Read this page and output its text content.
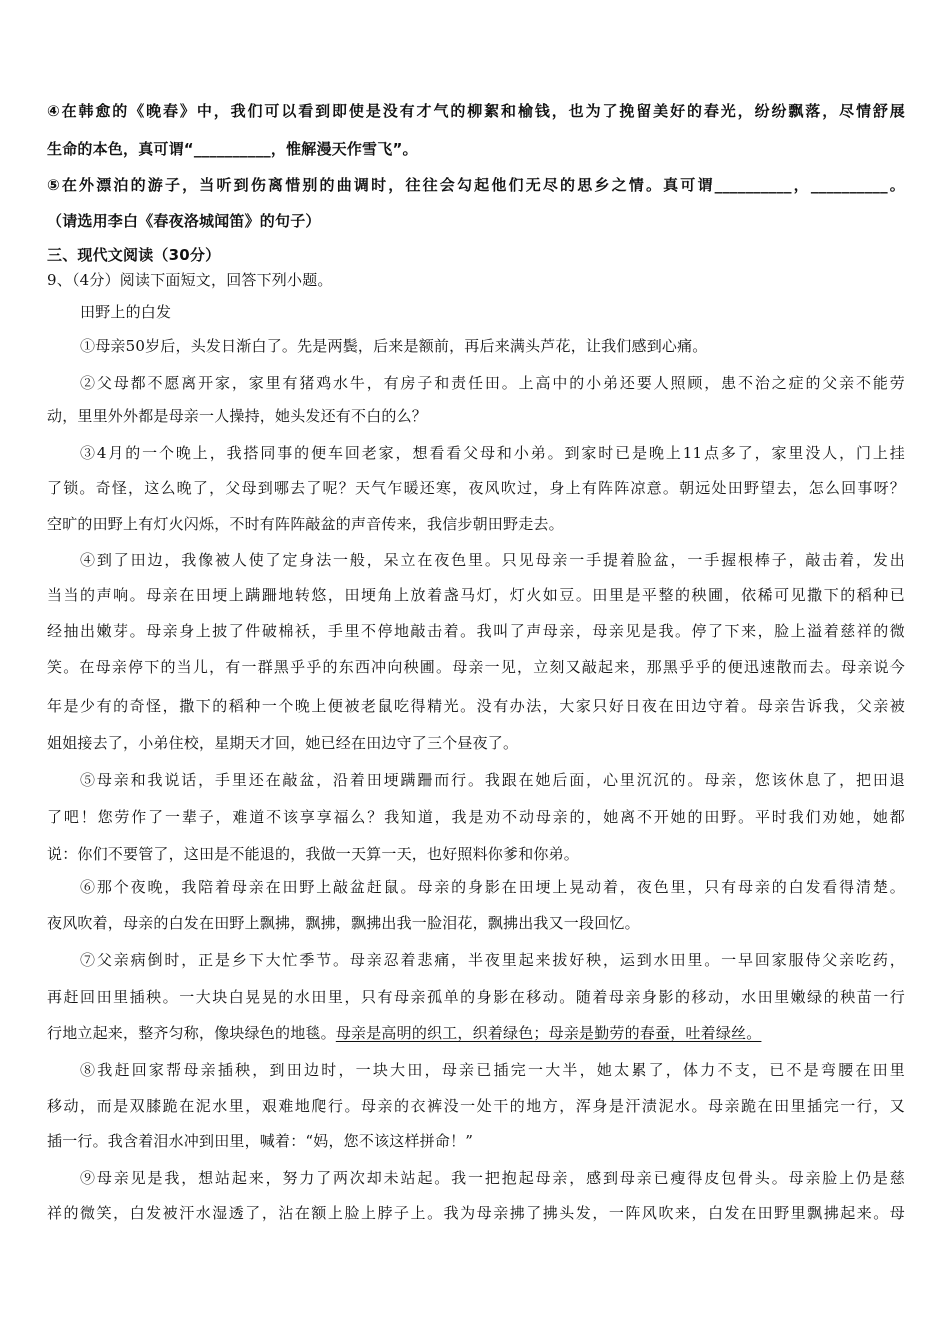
④在韩愈的《晚春》中，我们可以看到即使是没有才气的柳絮和榆钱，也为了挽留美好的春光，纷纷飘落，尽情舒展
生命的本色，真可谓“__________，惟解漫天作雪飞”。
⑤在外漂泊的游子，当听到伤离惜别的曲调时，往往会勾起他们无尽的思乡之情。真可谓__________，__________。
（请选用李白《春夜洛城闻笛》的句子）
三、现代文阅读（30分）
9、（4分）阅读下面短文，回答下列小题。
田野上的白发
①母亲50岁后，头发日渐白了。先是两鬓，后来是额前，再后来满头芦花，让我们感到心痛。
②父母都不愿离开家，家里有猪鸡水牛，有房子和责任田。上高中的小弟还要人照顾，患不治之症的父亲不能劳
动，里里外外都是母亲一人操持，她头发还有不白的么？
③4月的一个晚上，我搭同事的便车回老家，想看看父母和小弟。到家时已是晚上11点多了，家里没人，门上挂
了锁。奇怪，这么晚了，父母到哪去了呢？天气乍暖还寒，夜风吹过，身上有阵阵凉意。朝远处田野望去，怎么回事呀？
空旷的田野上有灯火闪烁，不时有阵阵敲盆的声音传来，我信步朝田野走去。
④到了田边，我像被人使了定身法一般，呆立在夜色里。只见母亲一手提着脸盆，一手握根棒子，敲击着，发出
当当的声响。母亲在田埂上蹒跚地转悠，田埂角上放着盏马灯，灯火如豆。田里是平整的秧圃，依稀可见撒下的稻种已
经抽出嫩芽。母亲身上披了件破棉袄，手里不停地敲击着。我叫了声母亲，母亲见是我。停了下来，脸上溢着慈祥的微
笑。在母亲停下的当儿，有一群黑乎乎的东西冲向秧圃。母亲一见，立刻又敲起来，那黑乎乎的便迅速散而去。母亲说今
年是少有的奇怪，撒下的稻种一个晚上便被老鼠吃得精光。没有办法，大家只好日夜在田边守着。母亲告诉我，父亲被
姐姐接去了，小弟住校，星期天才回，她已经在田边守了三个昼夜了。
⑤母亲和我说话，手里还在敲盆，沿着田埂蹒跚而行。我跟在她后面，心里沉沉的。母亲，您该休息了，把田退
了吧！您劳作了一辈子，难道不该享享福么？我知道，我是劝不动母亲的，她离不开她的田野。平时我们劝她，她都
说：你们不要管了，这田是不能退的，我做一天算一天，也好照料你爹和你弟。
⑥那个夜晚，我陪着母亲在田野上敲盆赶鼠。母亲的身影在田埂上晃动着，夜色里，只有母亲的白发看得清楚。
夜风吹着，母亲的白发在田野上飘拂，飘拂，飘拂出我一脸泪花，飘拂出我又一段回忆。
⑦父亲病倒时，正是乡下大忙季节。母亲忍着悲痛，半夜里起来拔好秧，运到水田里。一早回家服侍父亲吃药，
再赶回田里插秧。一大块白晃晃的水田里，只有母亲孤单的身影在移动。随着母亲身影的移动，水田里嫩绿的秧苗一行
行地立起来，整齐匀称，像块绿色的地毯。母亲是高明的织工，织着绿色；母亲是勤劳的春蚕，吐着绿丝。
⑧我赶回家帮母亲插秧，到田边时，一块大田，母亲已插完一大半，她太累了，体力不支，已不是弯腰在田里
移动，而是双膝跪在泥水里，艰难地爬行。母亲的衣裤没一处干的地方，浑身是汗渍泥水。母亲跪在田里插完一行，又
插一行。我含着泪水冲到田里，喊着：“妈，您不该这样拼命！”
⑨母亲见是我，想站起来，努力了两次却未站起。我一把抱起母亲，感到母亲已瘦得皮包骨头。母亲脸上仍是慈
祥的微笑，白发被汗水湿透了，沾在额上脸上脖子上。我为母亲拂了拂头发，一阵风吹来，白发在田野里飘拂起来。母
